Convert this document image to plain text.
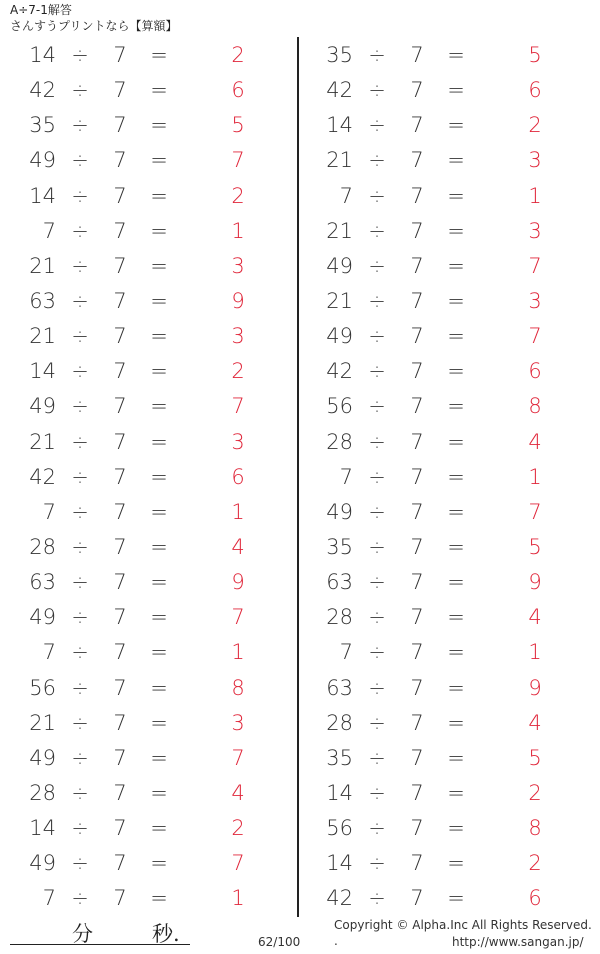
A÷7-1解答
さんすうプリントなら【算額】
14 ÷ 7 =	2
42 ÷ 7 =	6
35 ÷ 7 =	5
49 ÷ 7 =	7
14 ÷ 7 =	2
7 ÷ 7 =	1
21 ÷ 7 =	3
63 ÷ 7 =	9
21 ÷ 7 =	3
14 ÷ 7 =	2
49 ÷ 7 =	7
21 ÷ 7 =	3
42 ÷ 7 =	6
7 ÷ 7 =	1
28 ÷ 7 =	4
63 ÷ 7 =	9
49 ÷ 7 =	7
7 ÷ 7 =	1
56 ÷ 7 =	8
21 ÷ 7 =	3
49 ÷ 7 =	7
28 ÷ 7 =	4
14 ÷ 7 =	2
49 ÷ 7 =	7
7 ÷ 7 =	1
35 ÷ 7 =	5
42 ÷ 7 =	6
14 ÷ 7 =	2
21 ÷ 7 =	3
7 ÷ 7 =	1
21 ÷ 7 =	3
49 ÷ 7 =	7
21 ÷ 7 =	3
49 ÷ 7 =	7
42 ÷ 7 =	6
56 ÷ 7 =	8
28 ÷ 7 =	4
7 ÷ 7 =	1
49 ÷ 7 =	7
35 ÷ 7 =	5
63 ÷ 7 =	9
28 ÷ 7 =	4
7 ÷ 7 =	1
63 ÷ 7 =	9
28 ÷ 7 =	4
35 ÷ 7 =	5
14 ÷ 7 =	2
56 ÷ 7 =	8
14 ÷ 7 =	2
42 ÷ 7 =	6
分	秒.	62/100
Copyright © Alpha.Inc All Rights Reserved.
.	http://www.sangan.jp/
